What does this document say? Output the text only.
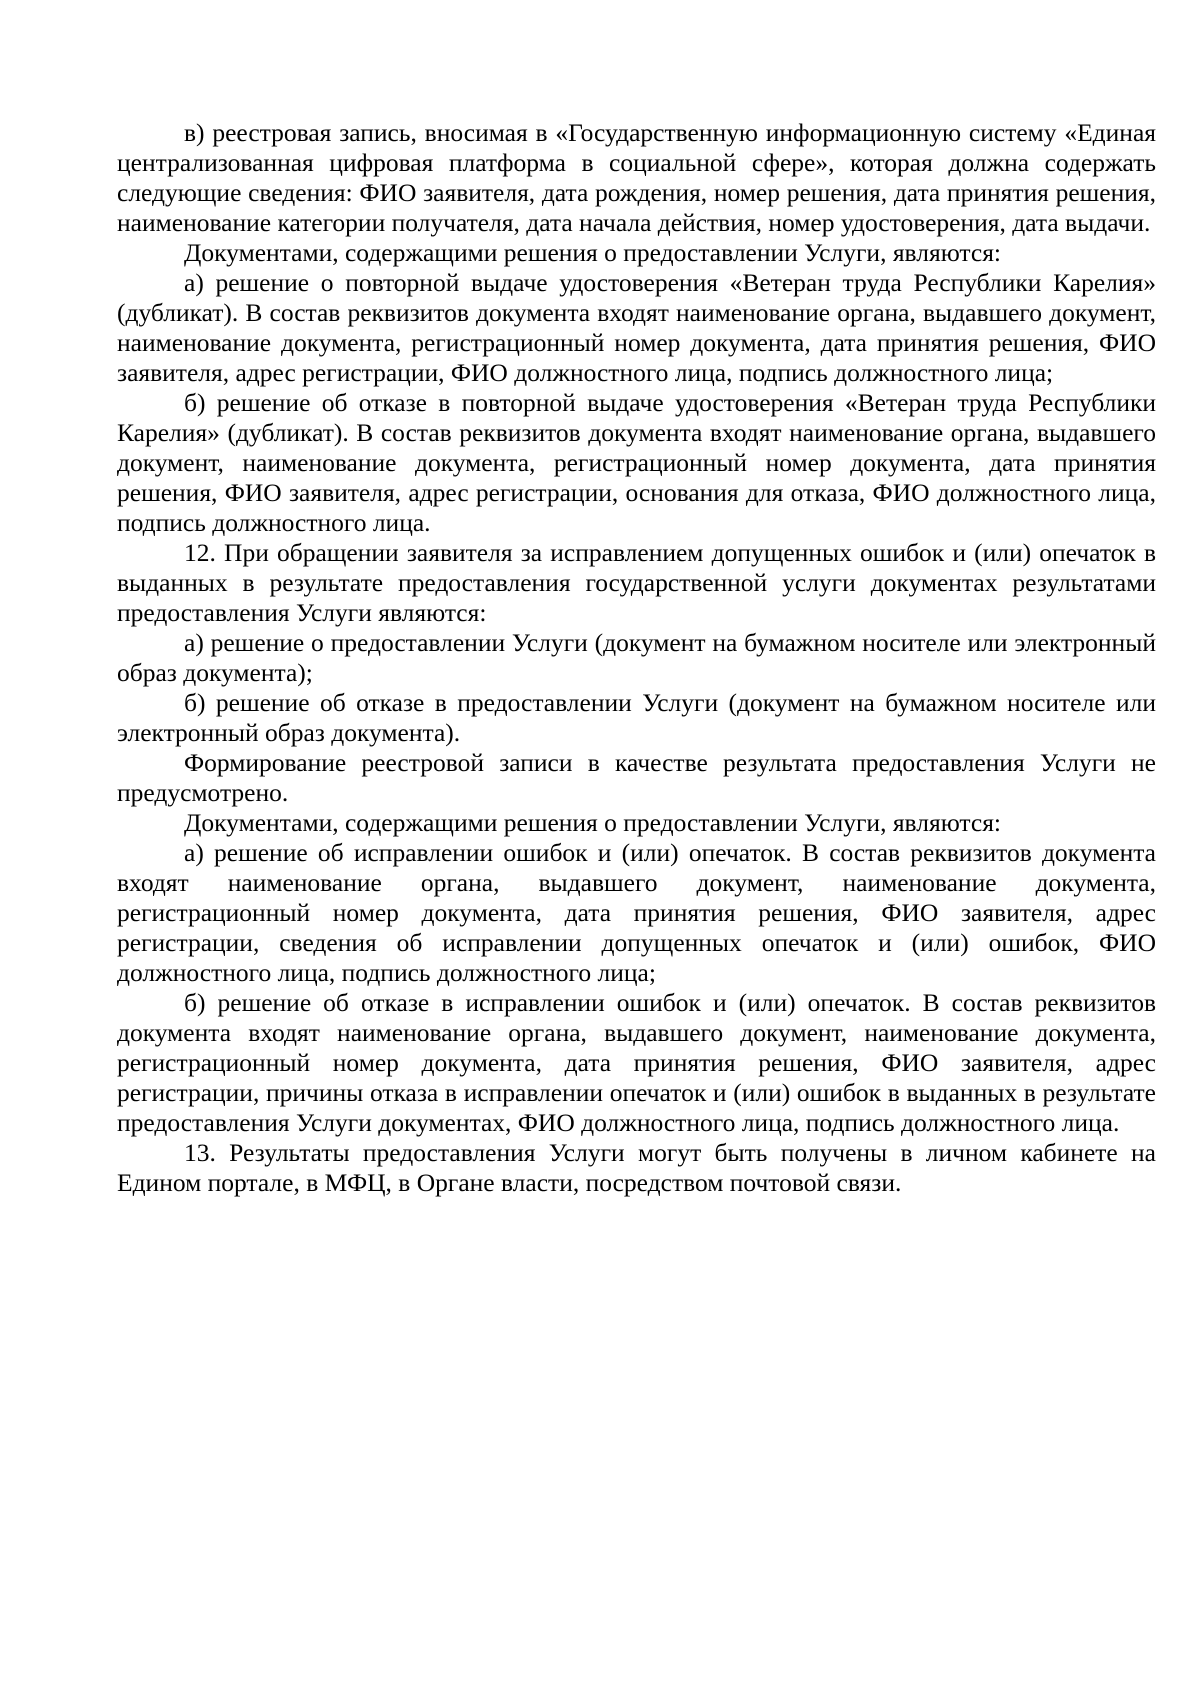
в) реестровая запись, вносимая в «Государственную информационную систему «Единая централизованная цифровая платформа в социальной сфере», которая должна содержать следующие сведения: ФИО заявителя, дата рождения, номер решения, дата принятия решения, наименование категории получателя, дата начала действия, номер удостоверения, дата выдачи.

Документами, содержащими решения о предоставлении Услуги, являются:

а) решение о повторной выдаче удостоверения «Ветеран труда Республики Карелия» (дубликат). В состав реквизитов документа входят наименование органа, выдавшего документ, наименование документа, регистрационный номер документа, дата принятия решения, ФИО заявителя, адрес регистрации, ФИО должностного лица, подпись должностного лица;

б) решение об отказе в повторной выдаче удостоверения «Ветеран труда Республики Карелия» (дубликат). В состав реквизитов документа входят наименование органа, выдавшего документ, наименование документа, регистрационный номер документа, дата принятия решения, ФИО заявителя, адрес регистрации, основания для отказа, ФИО должностного лица, подпись должностного лица.

12. При обращении заявителя за исправлением допущенных ошибок и (или) опечаток в выданных в результате предоставления государственной услуги документах результатами предоставления Услуги являются:

а) решение о предоставлении Услуги (документ на бумажном носителе или электронный образ документа);

б) решение об отказе в предоставлении Услуги (документ на бумажном носителе или электронный образ документа).

Формирование реестровой записи в качестве результата предоставления Услуги не предусмотрено.

Документами, содержащими решения о предоставлении Услуги, являются:

а) решение об исправлении ошибок и (или) опечаток. В состав реквизитов документа входят наименование органа, выдавшего документ, наименование документа, регистрационный номер документа, дата принятия решения, ФИО заявителя, адрес регистрации, сведения об исправлении допущенных опечаток и (или) ошибок, ФИО должностного лица, подпись должностного лица;

б) решение об отказе в исправлении ошибок и (или) опечаток. В состав реквизитов документа входят наименование органа, выдавшего документ, наименование документа, регистрационный номер документа, дата принятия решения, ФИО заявителя, адрес регистрации, причины отказа в исправлении опечаток и (или) ошибок в выданных в результате предоставления Услуги документах, ФИО должностного лица, подпись должностного лица.

13. Результаты предоставления Услуги могут быть получены в личном кабинете на Едином портале, в МФЦ, в Органе власти, посредством почтовой связи.
